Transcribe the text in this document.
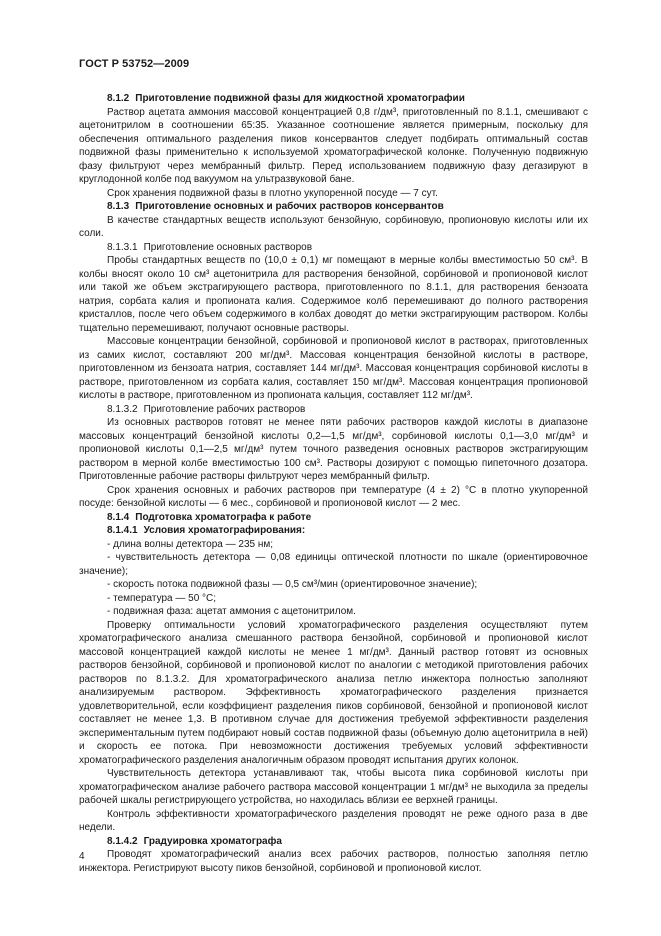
ГОСТ Р 53752—2009

8.1.2 Приготовление подвижной фазы для жидкостной хроматографии

Раствор ацетата аммония массовой концентрацией 0,8 г/дм³, приготовленный по 8.1.1, смешивают с ацетонитрилом в соотношении 65:35. Указанное соотношение является примерным, поскольку для обеспечения оптимального разделения пиков консервантов следует подбирать оптимальный состав подвижной фазы применительно к используемой хроматографической колонке. Полученную подвижную фазу фильтруют через мембранный фильтр. Перед использованием подвижную фазу дегазируют в круглодонной колбе под вакуумом на ультразвуковой бане.

Срок хранения подвижной фазы в плотно укупоренной посуде — 7 сут.

8.1.3 Приготовление основных и рабочих растворов консервантов

В качестве стандартных веществ используют бензойную, сорбиновую, пропионовую кислоты или их соли.

8.1.3.1 Приготовление основных растворов

Пробы стандартных веществ по (10,0 ± 0,1) мг помещают в мерные колбы вместимостью 50 см³. В колбы вносят около 10 см³ ацетонитрила для растворения бензойной, сорбиновой и пропионовой кислот или такой же объем экстрагирующего раствора, приготовленного по 8.1.1, для растворения бензоата натрия, сорбата калия и пропионата калия. Содержимое колб перемешивают до полного растворения кристаллов, после чего объем содержимого в колбах доводят до метки экстрагирующим раствором. Колбы тщательно перемешивают, получают основные растворы.

Массовые концентрации бензойной, сорбиновой и пропионовой кислот в растворах, приготовленных из самих кислот, составляют 200 мг/дм³. Массовая концентрация бензойной кислоты в растворе, приготовленном из бензоата натрия, составляет 144 мг/дм³. Массовая концентрация сорбиновой кислоты в растворе, приготовленном из сорбата калия, составляет 150 мг/дм³. Массовая концентрация пропионовой кислоты в растворе, приготовленном из пропионата кальция, составляет 112 мг/дм³.

8.1.3.2 Приготовление рабочих растворов

Из основных растворов готовят не менее пяти рабочих растворов каждой кислоты в диапазоне массовых концентраций бензойной кислоты 0,2—1,5 мг/дм³, сорбиновой кислоты 0,1—3,0 мг/дм³ и пропионовой кислоты 0,1—2,5 мг/дм³ путем точного разведения основных растворов экстрагирующим раствором в мерной колбе вместимостью 100 см³. Растворы дозируют с помощью пипеточного дозатора. Приготовленные рабочие растворы фильтруют через мембранный фильтр.

Срок хранения основных и рабочих растворов при температуре (4 ± 2) °С в плотно укупоренной посуде: бензойной кислоты — 6 мес., сорбиновой и пропионовой кислот — 2 мес.

8.1.4 Подготовка хроматографа к работе

8.1.4.1 Условия хроматографирования:

- длина волны детектора — 235 нм;

- чувствительность детектора — 0,08 единицы оптической плотности по шкале (ориентировочное значение);

- скорость потока подвижной фазы — 0,5 см³/мин (ориентировочное значение);

- температура — 50 °С;

- подвижная фаза: ацетат аммония с ацетонитрилом.

Проверку оптимальности условий хроматографического разделения осуществляют путем хроматографического анализа смешанного раствора бензойной, сорбиновой и пропионовой кислот массовой концентрацией каждой кислоты не менее 1 мг/дм³. Данный раствор готовят из основных растворов бензойной, сорбиновой и пропионовой кислот по аналогии с методикой приготовления рабочих растворов по 8.1.3.2. Для хроматографического анализа петлю инжектора полностью заполняют анализируемым раствором. Эффективность хроматографического разделения признается удовлетворительной, если коэффициент разделения пиков сорбиновой, бензойной и пропионовой кислот составляет не менее 1,3. В противном случае для достижения требуемой эффективности разделения экспериментальным путем подбирают новый состав подвижной фазы (объемную долю ацетонитрила в ней) и скорость ее потока. При невозможности достижения требуемых условий эффективности хроматографического разделения аналогичным образом проводят испытания других колонок.

Чувствительность детектора устанавливают так, чтобы высота пика сорбиновой кислоты при хроматографическом анализе рабочего раствора массовой концентрации 1 мг/дм³ не выходила за пределы рабочей шкалы регистрирующего устройства, но находилась вблизи ее верхней границы.

Контроль эффективности хроматографического разделения проводят не реже одного раза в две недели.

8.1.4.2 Градуировка хроматографа

Проводят хроматографический анализ всех рабочих растворов, полностью заполняя петлю инжектора. Регистрируют высоту пиков бензойной, сорбиновой и пропионовой кислот.

4
